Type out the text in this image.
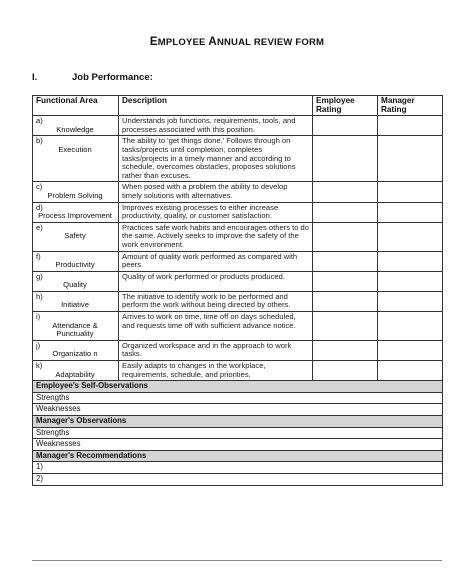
EMPLOYEE ANNUAL REVIEW FORM
I.	Job Performance:
Functional Area	Description	Employee Rating	Manager Rating
a)Knowledge	Understands job functions, requirements, tools, and processes associated with this position.		
b)Execution	The ability to 'get things done.' Follows through on tasks/projects until completion, completes tasks/projects in a timely manner and according to schedule, overcomes obstacles, proposes solutions rather than excuses.		
c)Problem Solving	When posed with a problem the ability to develop timely solutions with alternatives.		
d)Process Improvement	Improves existing processes to either increase productivity, quality, or customer satisfaction.		
e)Safety	Practices safe work habits and encourages others to do the same. Actively seeks to improve the safety of the work environment.		
f)Productivity	Amount of quality work performed as compared with peers.		
g)Quality	Quality of work performed or products produced.		
h)Initiative	The initiative to identify work to be performed and perform the work without being directed by others.		
i)Attendance & Punctuality	Arrives to work on time, time off on days scheduled, and requests time off with sufficient advance notice.		
j)Organizatio n	Organized workspace and in the approach to work tasks.		
k)Adaptability	Easily adapts to changes in the workplace, requirements, schedule, and priorities.		
Employee's Self-Observations			
Strengths			
Weaknesses			
Manager's Observations			
Strengths			
Weaknesses			
Manager's Recommendations			
1)			
2)			
